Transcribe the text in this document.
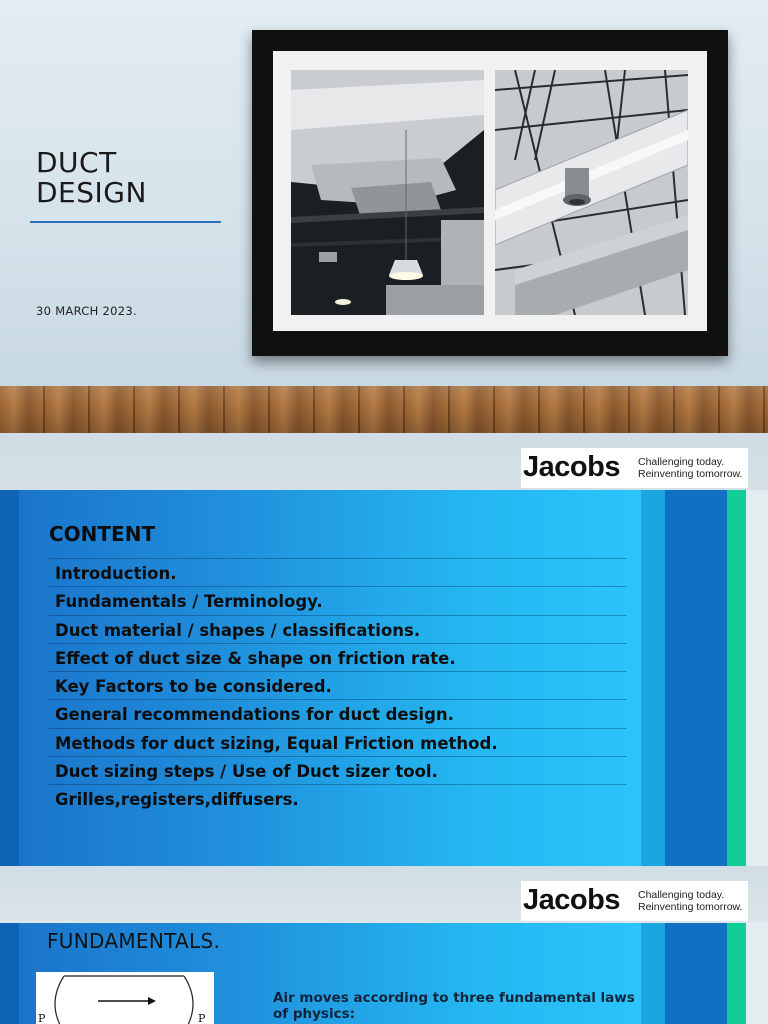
DUCT
DESIGN
30 MARCH 2023.
Jacobs Challenging today.
Reinventing tomorrow.
CONTENT
Introduction.
Fundamentals / Terminology.
Duct material / shapes / classifications.
Effect of duct size & shape on friction rate.
Key Factors to be considered.
General recommendations for duct design.
Methods for duct sizing, Equal Friction method.
Duct sizing steps / Use of Duct sizer tool.
Grilles,registers,diffusers.
Jacobs Challenging today.
Reinventing tomorrow.
FUNDAMENTALS.
P	P
Air moves according to three fundamental laws of physics:
